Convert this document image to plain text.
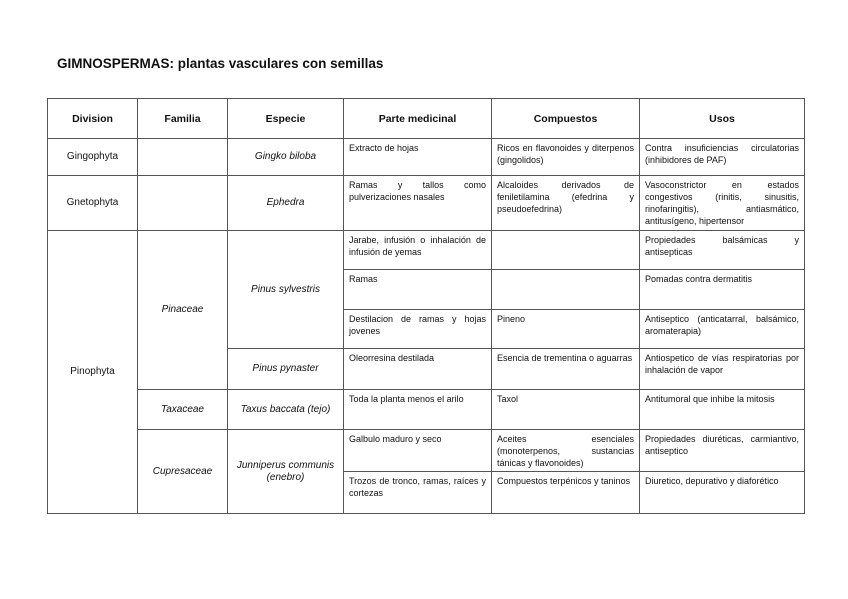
GIMNOSPERMAS: plantas vasculares con semillas
Division	Familia	Especie	Parte medicinal	Compuestos	Usos
Gingophyta		Gingko biloba	Extracto de hojas	Ricos en flavonoides y diterpenos (gingolidos)	Contra insuficiencias circulatorias (inhibidores de PAF)
Gnetophyta		Ephedra	Ramas y tallos como pulverizaciones nasales	Alcaloides derivados de feniletilamina (efedrina y pseudoefedrina)	Vasoconstrictor en estados congestivos (rinitis, sinusitis, rinofaringitis), antiasmático, antitusígeno, hipertensor
Pinophyta	Pinaceae	Pinus sylvestris	Jarabe, infusión o inhalación de infusión de yemas		Propiedades balsámicas y antisepticas
			Ramas		Pomadas contra dermatitis
			Destilacion de ramas y hojas jovenes	Pineno	Antiseptico (anticatarral, balsámico, aromaterapia)
		Pinus pynaster	Oleorresina destilada	Esencia de trementina o aguarras	Antiospetico de vías respiratorias por inhalación de vapor
	Taxaceae	Taxus baccata (tejo)	Toda la planta menos el arilo	Taxol	Antitumoral que inhibe la mitosis
	Cupresaceae	Junniperus communis (enebro)	Galbulo maduro y seco	Aceites esenciales (monoterpenos, sustancias tánicas y flavonoides)	Propiedades diuréticas, carmiantivo, antiseptico
			Trozos de tronco, ramas, raíces y cortezas	Compuestos terpénicos y taninos	Diuretico, depurativo y diaforético
